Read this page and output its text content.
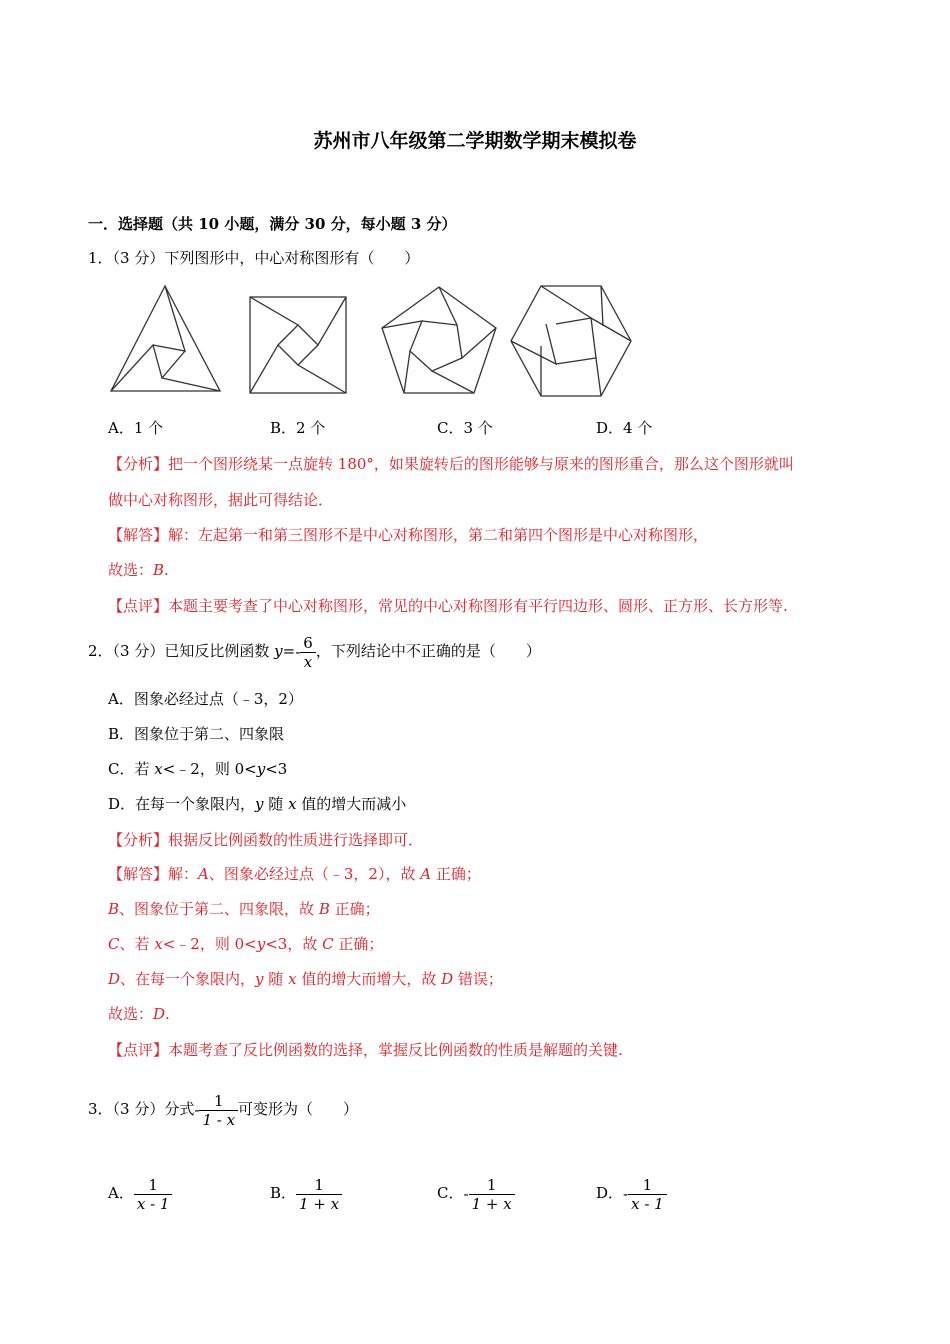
苏州市八年级第二学期数学期末模拟卷
一．选择题（共 10 小题，满分 30 分，每小题 3 分）
1．（3 分）下列图形中，中心对称图形有（　　）
A．1 个	B．2 个	C．3 个	D．4 个
【分析】把一个图形绕某一点旋转 180°，如果旋转后的图形能够与原来的图形重合，那么这个图形就叫
做中心对称图形，据此可得结论．
【解答】解：左起第一和第三图形不是中心对称图形，第二和第四个图形是中心对称图形，
故选：B.
【点评】本题主要考查了中心对称图形，常见的中心对称图形有平行四边形、圆形、正方形、长方形等.
2．（3 分）已知反比例函数 $y=- \frac{6}{x}$ ，下列结论中不正确的是（　　）
A．图象必经过点（﹣3，2）
B．图象位于第二、四象限
C．若 x<﹣2，则 0<y<3
D．在每一个象限内，y 随 x 值的增大而减小
【分析】根据反比例函数的性质进行选择即可．
【解答】解：A、图象必经过点（﹣3，2），故 A 正确；
B、图象位于第二、四象限，故 B 正确；
C、若 x<﹣2，则 0<y<3，故 C 正确；
D、在每一个象限内，y 随 x 值的增大而增大，故 D 错误；
故选：D.
【点评】本题考查了反比例函数的选择，掌握反比例函数的性质是解题的关键.
3．（3 分）分式- $\frac{1}{1 - x}$ 可变形为（　　）
A． $\frac{1}{x - 1}$	B． $\frac{1}{1 + x}$	C．- $\frac{1}{1 + x}$	D．- $\frac{1}{x - 1}$
